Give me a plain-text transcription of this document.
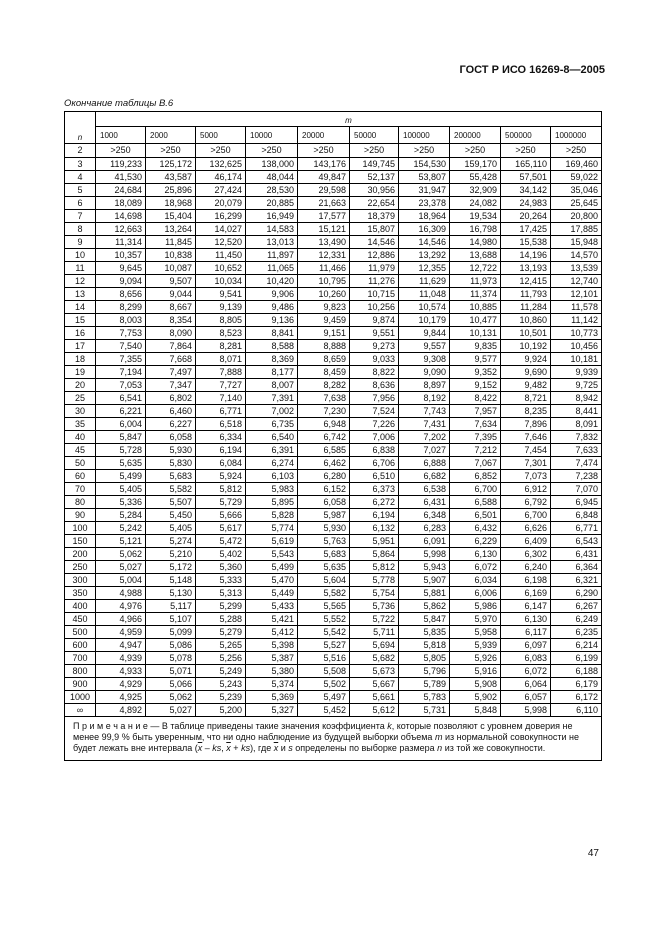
ГОСТ Р ИСО 16269-8—2005
Окончание таблицы В.6
n	m									
	1000	2000	5000	10000	20000	50000	100000	200000	500000	1000000
2	>250	>250	>250	>250	>250	>250	>250	>250	>250	>250
3	119,233	125,172	132,625	138,000	143,176	149,745	154,530	159,170	165,110	169,460
4	41,530	43,587	46,174	48,044	49,847	52,137	53,807	55,428	57,501	59,022
5	24,684	25,896	27,424	28,530	29,598	30,956	31,947	32,909	34,142	35,046
6	18,089	18,968	20,079	20,885	21,663	22,654	23,378	24,082	24,983	25,645
7	14,698	15,404	16,299	16,949	17,577	18,379	18,964	19,534	20,264	20,800
8	12,663	13,264	14,027	14,583	15,121	15,807	16,309	16,798	17,425	17,885
9	11,314	11,845	12,520	13,013	13,490	14,546	14,546	14,980	15,538	15,948
10	10,357	10,838	11,450	11,897	12,331	12,886	13,292	13,688	14,196	14,570
11	9,645	10,087	10,652	11,065	11,466	11,979	12,355	12,722	13,193	13,539
12	9,094	9,507	10,034	10,420	10,795	11,276	11,629	11,973	12,415	12,740
13	8,656	9,044	9,541	9,906	10,260	10,715	11,048	11,374	11,793	12,101
14	8,299	8,667	9,139	9,486	9,823	10,256	10,574	10,885	11,284	11,578
15	8,003	8,354	8,805	9,136	9,459	9,874	10,179	10,477	10,860	11,142
16	7,753	8,090	8,523	8,841	9,151	9,551	9,844	10,131	10,501	10,773
17	7,540	7,864	8,281	8,588	8,888	9,273	9,557	9,835	10,192	10,456
18	7,355	7,668	8,071	8,369	8,659	9,033	9,308	9,577	9,924	10,181
19	7,194	7,497	7,888	8,177	8,459	8,822	9,090	9,352	9,690	9,939
20	7,053	7,347	7,727	8,007	8,282	8,636	8,897	9,152	9,482	9,725
25	6,541	6,802	7,140	7,391	7,638	7,956	8,192	8,422	8,721	8,942
30	6,221	6,460	6,771	7,002	7,230	7,524	7,743	7,957	8,235	8,441
35	6,004	6,227	6,518	6,735	6,948	7,226	7,431	7,634	7,896	8,091
40	5,847	6,058	6,334	6,540	6,742	7,006	7,202	7,395	7,646	7,832
45	5,728	5,930	6,194	6,391	6,585	6,838	7,027	7,212	7,454	7,633
50	5,635	5,830	6,084	6,274	6,462	6,706	6,888	7,067	7,301	7,474
60	5,499	5,683	5,924	6,103	6,280	6,510	6,682	6,852	7,073	7,238
70	5,405	5,582	5,812	5,983	6,152	6,373	6,538	6,700	6,912	7,070
80	5,336	5,507	5,729	5,895	6,058	6,272	6,431	6,588	6,792	6,945
90	5,284	5,450	5,666	5,828	5,987	6,194	6,348	6,501	6,700	6,848
100	5,242	5,405	5,617	5,774	5,930	6,132	6,283	6,432	6,626	6,771
150	5,121	5,274	5,472	5,619	5,763	5,951	6,091	6,229	6,409	6,543
200	5,062	5,210	5,402	5,543	5,683	5,864	5,998	6,130	6,302	6,431
250	5,027	5,172	5,360	5,499	5,635	5,812	5,943	6,072	6,240	6,364
300	5,004	5,148	5,333	5,470	5,604	5,778	5,907	6,034	6,198	6,321
350	4,988	5,130	5,313	5,449	5,582	5,754	5,881	6,006	6,169	6,290
400	4,976	5,117	5,299	5,433	5,565	5,736	5,862	5,986	6,147	6,267
450	4,966	5,107	5,288	5,421	5,552	5,722	5,847	5,970	6,130	6,249
500	4,959	5,099	5,279	5,412	5,542	5,711	5,835	5,958	6,117	6,235
600	4,947	5,086	5,265	5,398	5,527	5,694	5,818	5,939	6,097	6,214
700	4,939	5,078	5,256	5,387	5,516	5,682	5,805	5,926	6,083	6,199
800	4,933	5,071	5,249	5,380	5,508	5,673	5,796	5,916	6,072	6,188
900	4,929	5,066	5,243	5,374	5,502	5,667	5,789	5,908	6,064	6,179
1000	4,925	5,062	5,239	5,369	5,497	5,661	5,783	5,902	6,057	6,172
∞	4,892	5,027	5,200	5,327	5,452	5,612	5,731	5,848	5,998	6,110
П р и м е ч а н и е — В таблице приведены такие значения коэффициента k, которые позволяют с уровнем доверия не менее 99,9 % быть уверенным, что ни одно наблюдение из будущей выборки объема m из нормальной совокупности не будет лежать вне интервала ($\overline{x}$ – ks, $\overline{x} + ks$), где $\overline{x}$ и s определены по выборке размера n из той же совокупности.										
47
